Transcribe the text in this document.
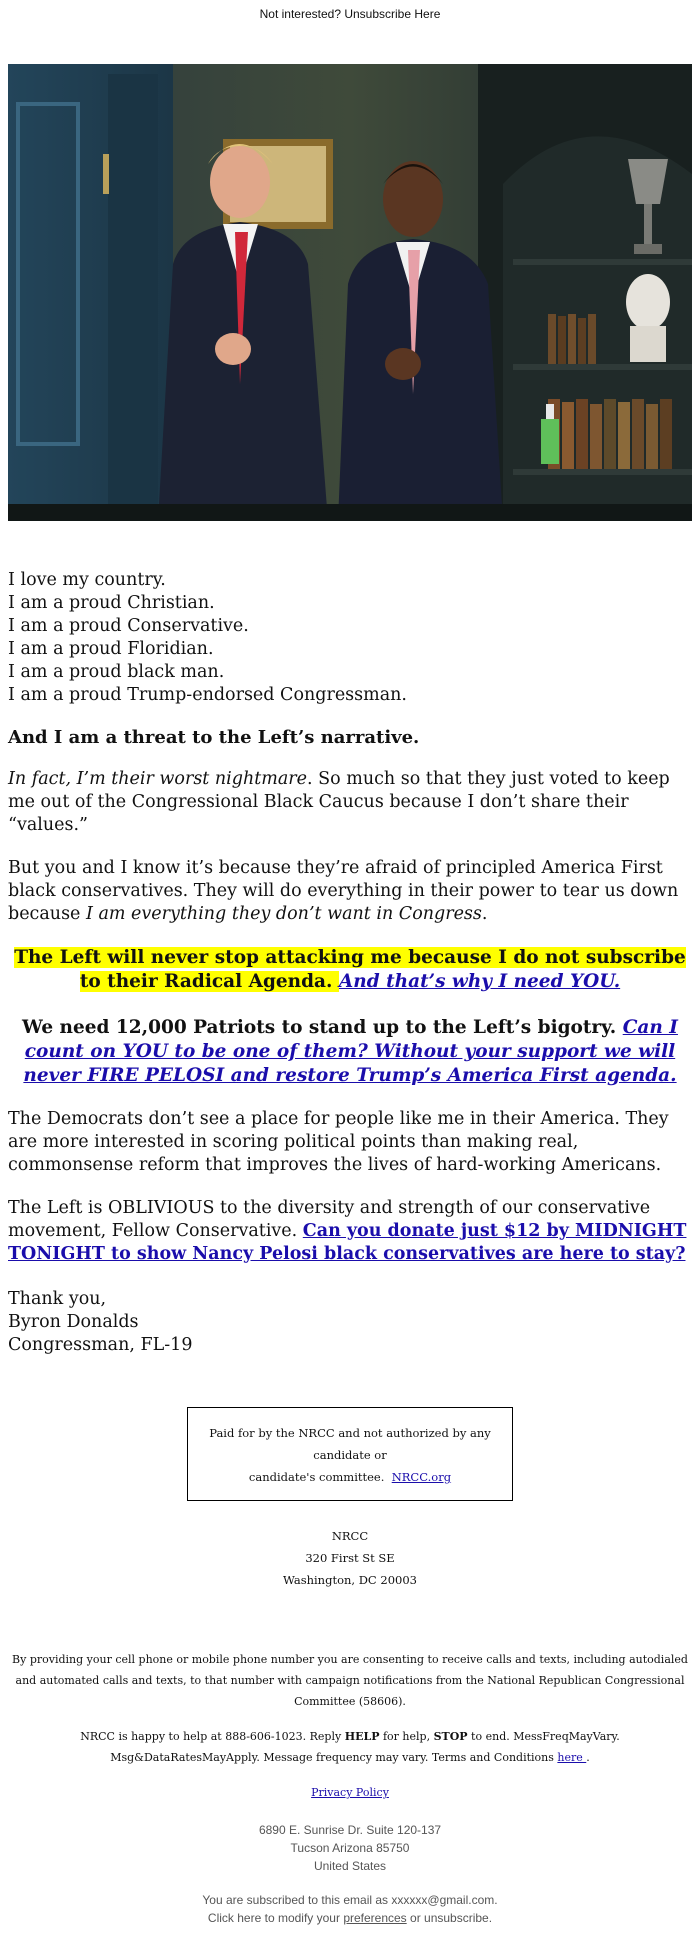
Not interested? Unsubscribe Here
I love my country.
I am a proud Christian.
I am a proud Conservative.
I am a proud Floridian.
I am a proud black man.
I am a proud Trump-endorsed Congressman.
And I am a threat to the Left’s narrative.

In fact, I’m their worst nightmare. So much so that they just voted to keep me out of the Congressional Black Caucus because I don’t share their “values.”

But you and I know it’s because they’re afraid of principled America First black conservatives. They will do everything in their power to tear us down because I am everything they don’t want in Congress.

The Left will never stop attacking me because I do not subscribe to their Radical Agenda. And that’s why I need YOU.
We need 12,000 Patriots to stand up to the Left’s bigotry. Can I count on YOU to be one of them? Without your support we will never FIRE PELOSI and restore Trump’s America First agenda.

The Democrats don’t see a place for people like me in their America. They are more interested in scoring political points than making real, commonsense reform that improves the lives of hard-working Americans.

The Left is OBLIVIOUS to the diversity and strength of our conservative movement, Fellow Conservative. Can you donate just $12 by MIDNIGHT TONIGHT to show Nancy Pelosi black conservatives are here to stay?

Thank you,
Byron Donalds
Congressman, FL-19
Paid for by the NRCC and not authorized by any candidate or
candidate's committee. NRCC.org
NRCC
320 First St SE
Washington, DC 20003
By providing your cell phone or mobile phone number you are consenting to receive calls and texts, including autodialed and automated calls and texts, to that number with campaign notifications from the National Republican Congressional Committee (58606).
NRCC is happy to help at 888-606-1023. Reply HELP for help, STOP to end. MessFreqMayVary. Msg&DataRatesMayApply. Message frequency may vary. Terms and Conditions here .
Privacy Policy
6890 E. Sunrise Dr. Suite 120-137
Tucson Arizona 85750
United States
You are subscribed to this email as xxxxxx@gmail.com.
Click here to modify your preferences or unsubscribe.
